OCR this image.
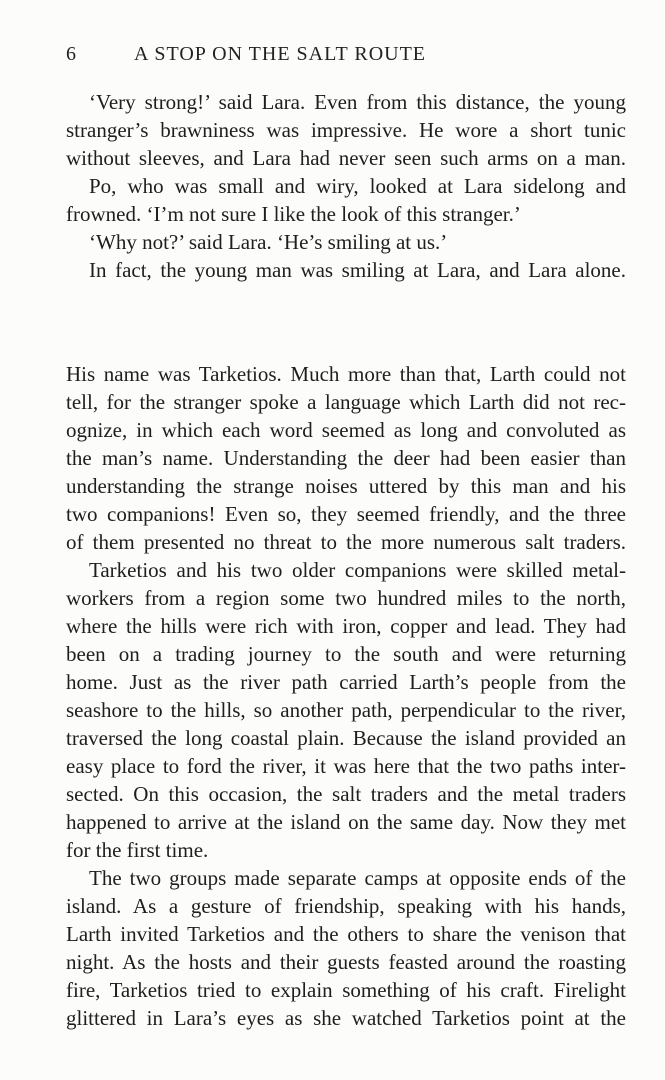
6	A STOP ON THE SALT ROUTE
‘Very strong!’ said Lara. Even from this distance, the young
stranger’s brawniness was impressive. He wore a short tunic
without sleeves, and Lara had never seen such arms on a man.
Po, who was small and wiry, looked at Lara sidelong and
frowned. ‘I’m not sure I like the look of this stranger.’
‘Why not?’ said Lara. ‘He’s smiling at us.’
In fact, the young man was smiling at Lara, and Lara alone.
His name was Tarketios. Much more than that, Larth could not
tell, for the stranger spoke a language which Larth did not rec-
ognize, in which each word seemed as long and convoluted as
the man’s name. Understanding the deer had been easier than
understanding the strange noises uttered by this man and his
two companions! Even so, they seemed friendly, and the three
of them presented no threat to the more numerous salt traders.
Tarketios and his two older companions were skilled metal-
workers from a region some two hundred miles to the north,
where the hills were rich with iron, copper and lead. They had
been on a trading journey to the south and were returning
home. Just as the river path carried Larth’s people from the
seashore to the hills, so another path, perpendicular to the river,
traversed the long coastal plain. Because the island provided an
easy place to ford the river, it was here that the two paths inter-
sected. On this occasion, the salt traders and the metal traders
happened to arrive at the island on the same day. Now they met
for the first time.
The two groups made separate camps at opposite ends of the
island. As a gesture of friendship, speaking with his hands,
Larth invited Tarketios and the others to share the venison that
night. As the hosts and their guests feasted around the roasting
fire, Tarketios tried to explain something of his craft. Firelight
glittered in Lara’s eyes as she watched Tarketios point at the
